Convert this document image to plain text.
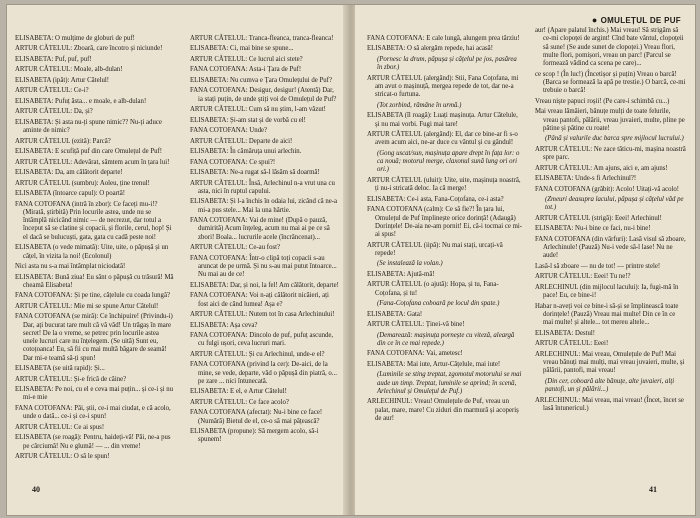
ELISABETA: O mulțime de globuri de puf!

ARTUR CĂTELUL: Zboară, care încotro și niciunde!

ELISABETA: Puf, puf, puf!

ARTUR CĂTELUL: Moale, alb-dulan!

ELISABETA (ipăt): Artur Cătelul!

ARTUR CĂTELUL: Ce-i?

ELISABETA: Pufuț ăsta... e moale, e alb-dulan!

ARTUR CĂTELUL: Da, și?

ELISABETA: Și asta nu-ți spune nimic?? Nu-ți aduce aminte de nimic?

ARTUR CĂTELUL (ezită): Parcă?

ELISABETA: E scufiță puf din care Omulețul de Puf!

ARTUR CĂTELUL: Adevărat, sâmtem acum în țara lui!

ELISABETA: Da, am câlătorit departe!

ARTUR CĂTELUL (sumbru): Aoleu, ține trenul!

ELISABETA (întoarce capul): O poartă!

FANA COTOFANA (intră în zbor): Ce faceți mu-i!? (Mirată, știrbită) Prin locurile astea, unde nu se întâmplă nicicând nimic — de necrezut, dar totul a început să se clatine și copacii, și florile, cerul, hop! Și el dacă se bulucuști, gata, gata cu cadă peste noi!

ELISABETA (o vede mimată): Uite, uite, o păpușă și un câțel, în vizita la noi! (Ecolonul)

Nici asta nu s-a mai întâmplat niciodată!

ELISABETA: Bună ziua! Eu sânt o păpușă cu trăsură! Mă cheamă Elisabeta!

FANA COTOFANA: Și pe tine, cățelule cu coada lungă?

ARTUR CĂTELUL: Mie mi se spune Artur Cătelul!

FANA COTOFANA (se mirã): Ce închipuire! (Privindu-i) Dar, ați bucurat tare mult că vă văd! Un trăgaș în mare secret! De la o vreme, se petrec prin locurile astea unele lucruri care nu înțelegem. (Se uită) Sunt eu, cotoțoanca! Eu, să fii cu mai multă băgare de seamă! Dar mi-e teamă să-ți spun!

ELISABETA (se uită rapid): Și...

ARTUR CĂTELUL: Și-e frică de căine?

ELISABETA: Pe noi, cu el e ceva mai puțin... și ce-i și nu mi-e mie

FANA COTOFANA: Păi, știi, ce-i mai ciudat, e că acolo, unde o dată... ce-i și ce-i spun!

ARTUR CĂTELUL: Ce ai spus!

ELISABETA (se roagă): Pentru, haideți-vă! Păi, ne-a pus pe cârciumă! Nu e glumă! — ... din vreme!

ARTUR CĂTELUL: O să le spun!

ARTUR CĂTELUL: Tranca-fleanca, tranca-fleanca!

ELISABETA: Ci, mai bine se spune...

ARTUR CĂTELUL: Ce lucrul aici stete?

FANA COTOFANA: Asta-i Țara de Puf!

ELISABETA: Nu cumva e Țara Omulețului de Puf?

FANA COTOFANA: Desigur, desigur! (Atentă) Dar, ia stați puțin, de unde știți voi de Omulețul de Puf?

ARTUR CĂTELUL: Cum să nu știm, l-am văzut!

ELISABETA: Și-am stat și de vorbă cu el!

FANA COTOFANA: Unde?

ARTUR CĂTELUL: Departe de aici!

ELISABETA: În cămăruța unui arlechin.

FANA COTOFANA: Ce spui?!

ELISABETA: Ne-a rugat să-l lăsăm să doarmă!

ARTUR CĂTELUL: Însă, Arlechinul n-a vrut una cu asta, nici în ruptul capului.

ELISABETA: Și l-a închis în odaia lui, zicând că ne-a mi-a pus stele... Mai la una hârtie.

FANA COTOFANA: Vai de mine! (După o pauză, dumirită) Acum înțeleg, acum nu mai ai pe ce să zbori! Boala... lucrurile acele (încrâncenat)...

ARTUR CĂTELUL: Ce-au fost?

FANA COTOFANA: Într-o clipă toți copacii s-au aruncat de pe urmă. Și nu s-au mai putut întoarce... Nu mai au de ce!

ELISABETA: Dar, și noi, la fel! Am călătorit, departe!

FANA COTOFANA: Voi n-ați călătorit nicăieri, ați fost aici de când lumea! Așa e?

ARTUR CĂTELUL: Nutem tot în casa Arlechinului!

ELISABETA: Așa ceva?

FANA COTOFANA: Dincolo de puf, pufuț ascunde, cu fulgi ușori, ceva lucruri mari.

ARTUR CĂTELUL: Și cu Arlechinul, unde-e el?

FANA COTOFANA (privind la cer): De-aici, de la mine, se vede, departe, văd o păpușă din piatră, o... pe zare ... nici întunecată.

ELISABETA: E el, e Artur Cătelul!

ARTUR CĂTELUL: Ce face acolo?

FANA COTOFANA (afectat): Nu-i bine ce face! (Numără) Bietul de el, ce-o să mai pățească?

ELISABETA (propune): Să mergem acolo, să-i spunem!

40
● OMULEȚUL DE PUF

FANA COTOFANA: E cale lungă, alungem prea târziu!

ELISABETA: O să alergăm repede, hai acasă!

(Pornesc la drum, păpușa și cățelul pe jos, pasărea în zbor.)

ARTUR CĂTELUL (alergând): Stii, Fana Coțofana, mi am avut o mașinuță, mergea repede de tot, dar ne-a stricat-o furtuna.

(Tot zorbind, rămâne în urmă.)

ELISABETA (îl roagă): Luați mașinuța. Artur Cătelule, și nu mai vorbi. Fugi mai tare!

ARTUR CĂTELUL (alergând): El, dar ce bine-ar fi s-o avem acum aici, ne-ar duce cu vântul și cu gândul!

(Gong uscat/sun, mașinuța apare drept în fața lor: o ca nouă; motorul merge, claxonul sună lung ori ori ori.)

ARTUR CĂTELUL (uluit): Uite, uite, mașinuța noastră, ți nu-i stricată deloc. Ia că merge!

ELISABETA: Ce-i asta, Fana-Coțofana, ce-i asta?

FANA COTOFANA (calm): Ce să fie?! În țara lui, Omulețul de Puf împlinește orice dorință! (Adaugă) Dorințele! De-aia ne-am pornit! Ei, că-i tocmai ce mi-ai spus!

ARTUR CĂTELUL (iipă): Nu mai stați, urcați-vă repede!

(Se instalează la volan.)

ELISABETA: Ajută-mă!

ARTUR CĂTELUL (o ajută): Hopa, și tu, Fana-Coțofana, și tu!

(Fana-Coțofana coboară pe locul din spate.)

ELISABETA: Gata!

ARTUR CĂTELUL: Ținei-vă bine!

(Demarează: mașinuța pornește cu viteză, aleargă din ce în ce mai repede.)

FANA COTOFANA: Vai, ametesc!

ELISABETA: Mai iute, Artur-Cățelule, mai iute!

(Luminile se sting treptat, zgomotul motorului se mai aude un timp. Treptat, luminile se aprind; în scenă, Arlechinul și Omulețul de Puf.)

ARLECHINUL: Vreau! Omulețule de Puf, vreau un palat, mare, mare! Cu ziduri din marmură și acoperiș de aur!

aur! (Apare palatul închis.) Mai vreau! Să strigăm să ce-mi clopoței de argint! Cînd bate vântul, clopoțeii să sune! (Se aude sunet de clopoței.) Vreau flori, multe flori, pomișori, vreau un parc! (Parcul se formează vădind ca scena pe care)...

ce scop ! (În luc!) (Încetișor și puțin) Vreau o barcă! (Barca se formează la apă pe trestie.) O barcă, ce-mi trebuie o barcă!

Vreau niște papuci roșii! (Pe care-i schimbă cu...)

Mai vreau lămâieri, bănuțe mulți de toate felurile, vreau pantofi, pălării, vreau juvaieri, multe, pline pe pătine și pătine cu roate!

(Până și valurile duc barca spre mijlocul lucrului.)

ARTUR CĂTELUL: Ne zace tăticu-mi, mașina noastră spre parc.

ARTUR CĂTELUL: Am ajuns, aici e, am ajuns!

ELISABETA: Unde-s fi Arlechinul?!

FANA COTOFANA (grăbit): Acolo! Uitați-vă acolo!

(Zmeuri deasupra lacului, păpușa și cățelul văd pe tot.)

ARTUR CĂTELUL (strigă): Eeei! Arlechinul!

ELISABETA: Nu-i bine ce faci, nu-i bine!

FANA COTOFANA (din vârfuri): Lasă visul să zboare, Arlechinule! (Pauză) Nu-i vede să-l lase! Nu ne aude!

Lasă-l să zboare — nu de tot! — printre stele!

ARTUR CĂTELUL: Eeei! Tu ne!?

ARLECHINUL (din mijlocul lacului): Ia, fugi-mă în pace! Eu, ce bine-i!

Habar n-aveți voi ce bine-i să-și se împlinească toate dorințele! (Pauză) Vreau mai multe! Din ce în ce mai multe! și altele... tot mereu altele...

ELISABETA: Destul!

ARTUR CĂTELUL: Eeei!

ARLECHINUL: Mai vreau, Omulețule de Puf! Mai vreau bănuți mai mulți, mai vreau juvaieri, multe, și pălării, pantofi, mai vreau!

(Din cer, coboară alte bănuțe, alte juvaieri, alți pantofi, un și pălării...)

ARLECHINUL: Mai vreau, mai vreau! (Încet, încet se lasă întunericul.)

41
